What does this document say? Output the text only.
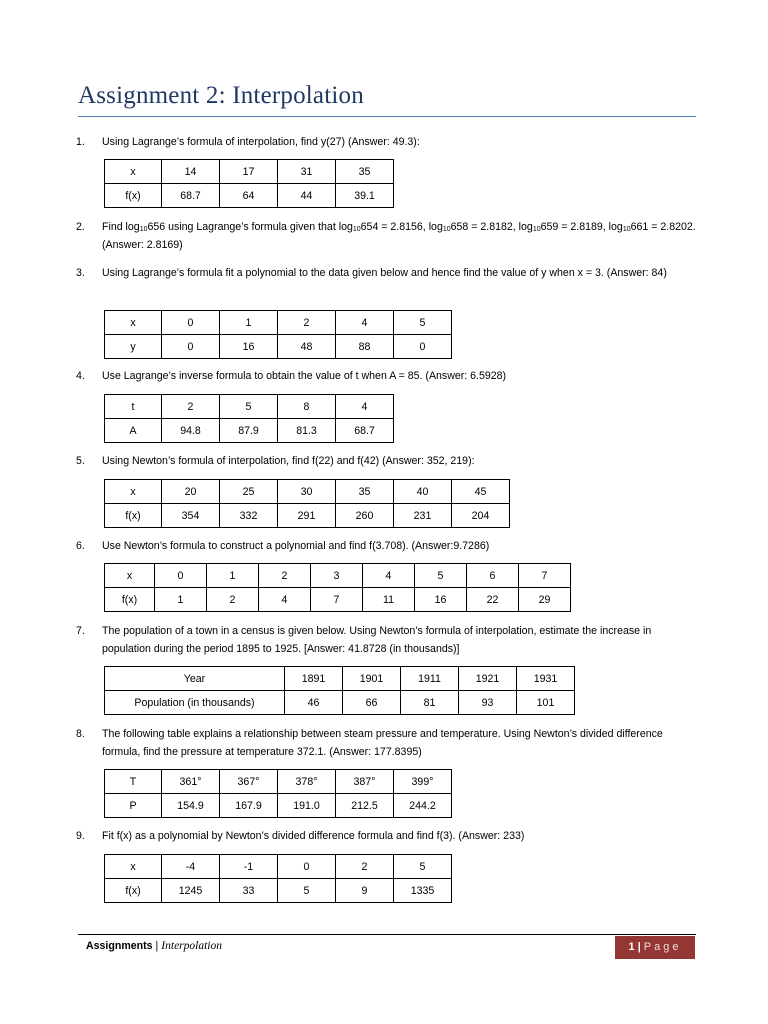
Assignment 2: Interpolation
1.	Using Lagrange’s formula of interpolation, find y(27) (Answer: 49.3):
x	14	17	31	35
f(x)	68.7	64	44	39.1
2.	Find $\log_{10}656$ using Lagrange’s formula given that $\log_{10}654 = 2.8156$, $\log_{10}658 = 2.8182$, $\log_{10}659 = 2.8189$, $\log_{10}661 = 2.8202$. (Answer: 2.8169)
3.	Using Lagrange’s formula fit a polynomial to the data given below and hence find the value of y when x = 3. (Answer: 84)
x	0	1	2	4	5
y	0	16	48	88	0
4.	Use Lagrange’s inverse formula to obtain the value of t when A = 85. (Answer: 6.5928)
t	2	5	8	4
A	94.8	87.9	81.3	68.7
5.	Using Newton’s formula of interpolation, find f(22) and f(42) (Answer: 352, 219):
x	20	25	30	35	40	45
f(x)	354	332	291	260	231	204
6.	Use Newton’s formula to construct a polynomial and find f(3.708). (Answer:9.7286)
x	0	1	2	3	4	5	6	7
f(x)	1	2	4	7	11	16	22	29
7.	The population of a town in a census is given below. Using Newton’s formula of interpolation, estimate the increase in population during the period 1895 to 1925. [Answer: 41.8728 (in thousands)]
Year	1891	1901	1911	1921	1931
Population (in thousands)	46	66	81	93	101
8.	The following table explains a relationship between steam pressure and temperature. Using Newton’s divided difference formula, find the pressure at temperature 372.1. (Answer: 177.8395)
T	361°	367°	378°	387°	399°
P	154.9	167.9	191.0	212.5	244.2
9.	Fit f(x) as a polynomial by Newton’s divided difference formula and find f(3). (Answer: 233)
x	-4	-1	0	2	5
f(x)	1245	33	5	9	1335
Assignments | Interpolation	1 | Page
